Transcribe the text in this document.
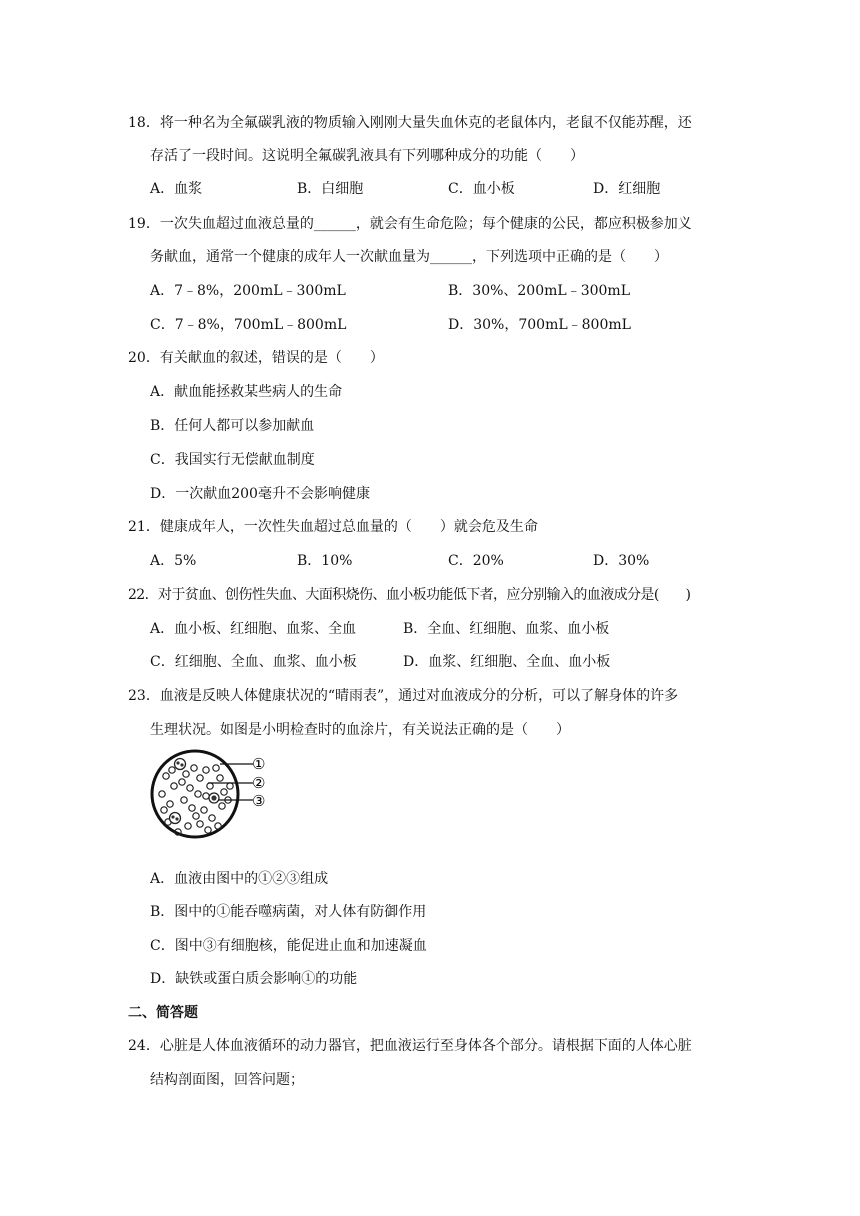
18．将一种名为全氟碳乳液的物质输入刚刚大量失血休克的老鼠体内，老鼠不仅能苏醒，还
存活了一段时间。这说明全氟碳乳液具有下列哪种成分的功能（　　）
A．血浆	B．白细胞	C．血小板	D．红细胞
19．一次失血超过血液总量的______，就会有生命危险；每个健康的公民，都应积极参加义
务献血，通常一个健康的成年人一次献血量为______，下列选项中正确的是（　　）
A．7﹣8%，200mL﹣300mL	B．30%、200mL﹣300mL
C．7﹣8%，700mL﹣800mL	D．30%，700mL﹣800mL
20．有关献血的叙述，错误的是（　　）
A．献血能拯救某些病人的生命
B．任何人都可以参加献血
C．我国实行无偿献血制度
D．一次献血200毫升不会影响健康
21．健康成年人，一次性失血超过总血量的（　　）就会危及生命
A．5%	B．10%	C．20%	D．30%
22．对于贫血、创伤性失血、大面积烧伤、血小板功能低下者，应分别输入的血液成分是(　　)
A．血小板、红细胞、血浆、全血	B．全血、红细胞、血浆、血小板
C．红细胞、全血、血浆、血小板	D．血浆、红细胞、全血、血小板
23．血液是反映人体健康状况的“晴雨表”，通过对血液成分的分析，可以了解身体的许多
生理状况。如图是小明检查时的血涂片，有关说法正确的是（　　）
①
②
③
A．血液由图中的①②③组成
B．图中的①能吞噬病菌，对人体有防御作用
C．图中③有细胞核，能促进止血和加速凝血
D．缺铁或蛋白质会影响①的功能
二、简答题
24．心脏是人体血液循环的动力器官，把血液运行至身体各个部分。请根据下面的人体心脏
结构剖面图，回答问题；
